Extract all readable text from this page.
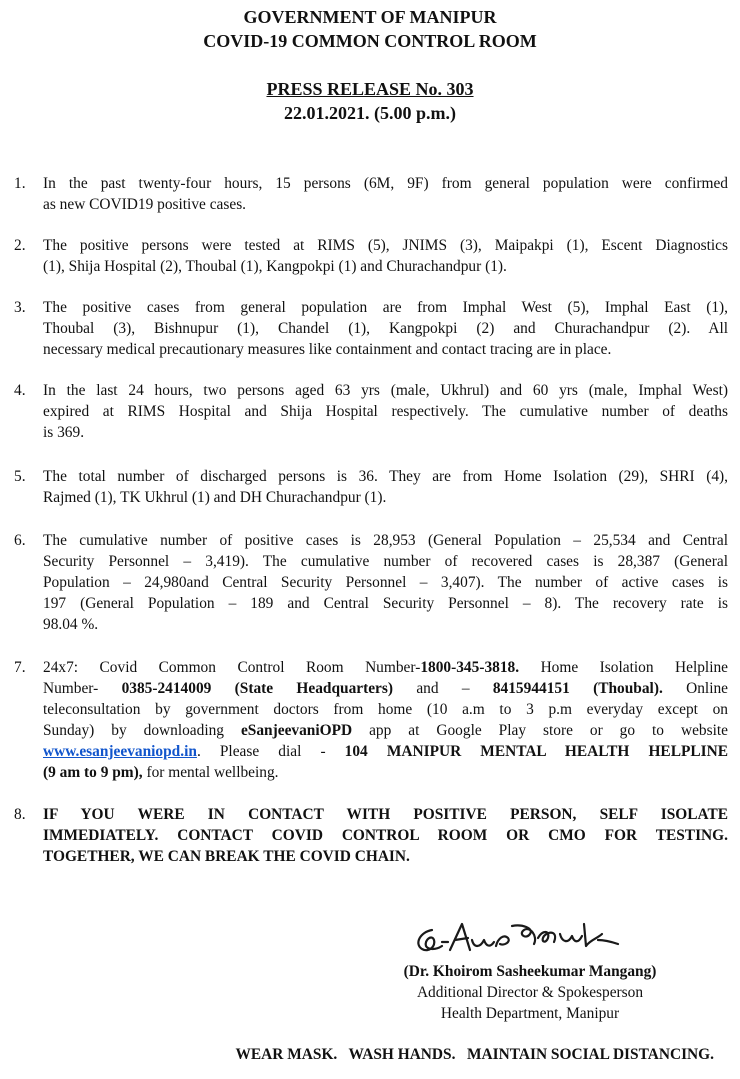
GOVERNMENT OF MANIPUR
COVID-19 COMMON CONTROL ROOM
PRESS RELEASE No. 303
22.01.2021. (5.00 p.m.)
1. In the past twenty-four hours, 15 persons (6M, 9F) from general population were confirmed
as new COVID19 positive cases.
2. The positive persons were tested at RIMS (5), JNIMS (3), Maipakpi (1), Escent Diagnostics
(1), Shija Hospital (2), Thoubal (1), Kangpokpi (1) and Churachandpur (1).
3. The positive cases from general population are from Imphal West (5), Imphal East (1),
Thoubal (3), Bishnupur (1), Chandel (1), Kangpokpi (2) and Churachandpur (2). All
necessary medical precautionary measures like containment and contact tracing are in place.
4. In the last 24 hours, two persons aged 63 yrs (male, Ukhrul) and 60 yrs (male, Imphal West)
expired at RIMS Hospital and Shija Hospital respectively. The cumulative number of deaths
is 369.
5. The total number of discharged persons is 36. They are from Home Isolation (29), SHRI (4),
Rajmed (1), TK Ukhrul (1) and DH Churachandpur (1).
6. The cumulative number of positive cases is 28,953 (General Population – 25,534 and Central
Security Personnel – 3,419). The cumulative number of recovered cases is 28,387 (General
Population – 24,980and Central Security Personnel – 3,407). The number of active cases is
197 (General Population – 189 and Central Security Personnel – 8). The recovery rate is
98.04 %.
7. 24x7: Covid Common Control Room Number-1800-345-3818. Home Isolation Helpline
Number- 0385-2414009 (State Headquarters) and – 8415944151 (Thoubal). Online
teleconsultation by government doctors from home (10 a.m to 3 p.m everyday except on
Sunday) by downloading eSanjeevaniOPD app at Google Play store or go to website
www.esanjeevaniopd.in. Please dial - 104 MANIPUR MENTAL HEALTH HELPLINE
(9 am to 9 pm), for mental wellbeing.
8. IF YOU WERE IN CONTACT WITH POSITIVE PERSON, SELF ISOLATE
IMMEDIATELY. CONTACT COVID CONTROL ROOM OR CMO FOR TESTING.
TOGETHER, WE CAN BREAK THE COVID CHAIN.
(Dr. Khoirom Sasheekumar Mangang)
Additional Director & Spokesperson
Health Department, Manipur
WEAR MASK.   WASH HANDS.   MAINTAIN SOCIAL DISTANCING.
